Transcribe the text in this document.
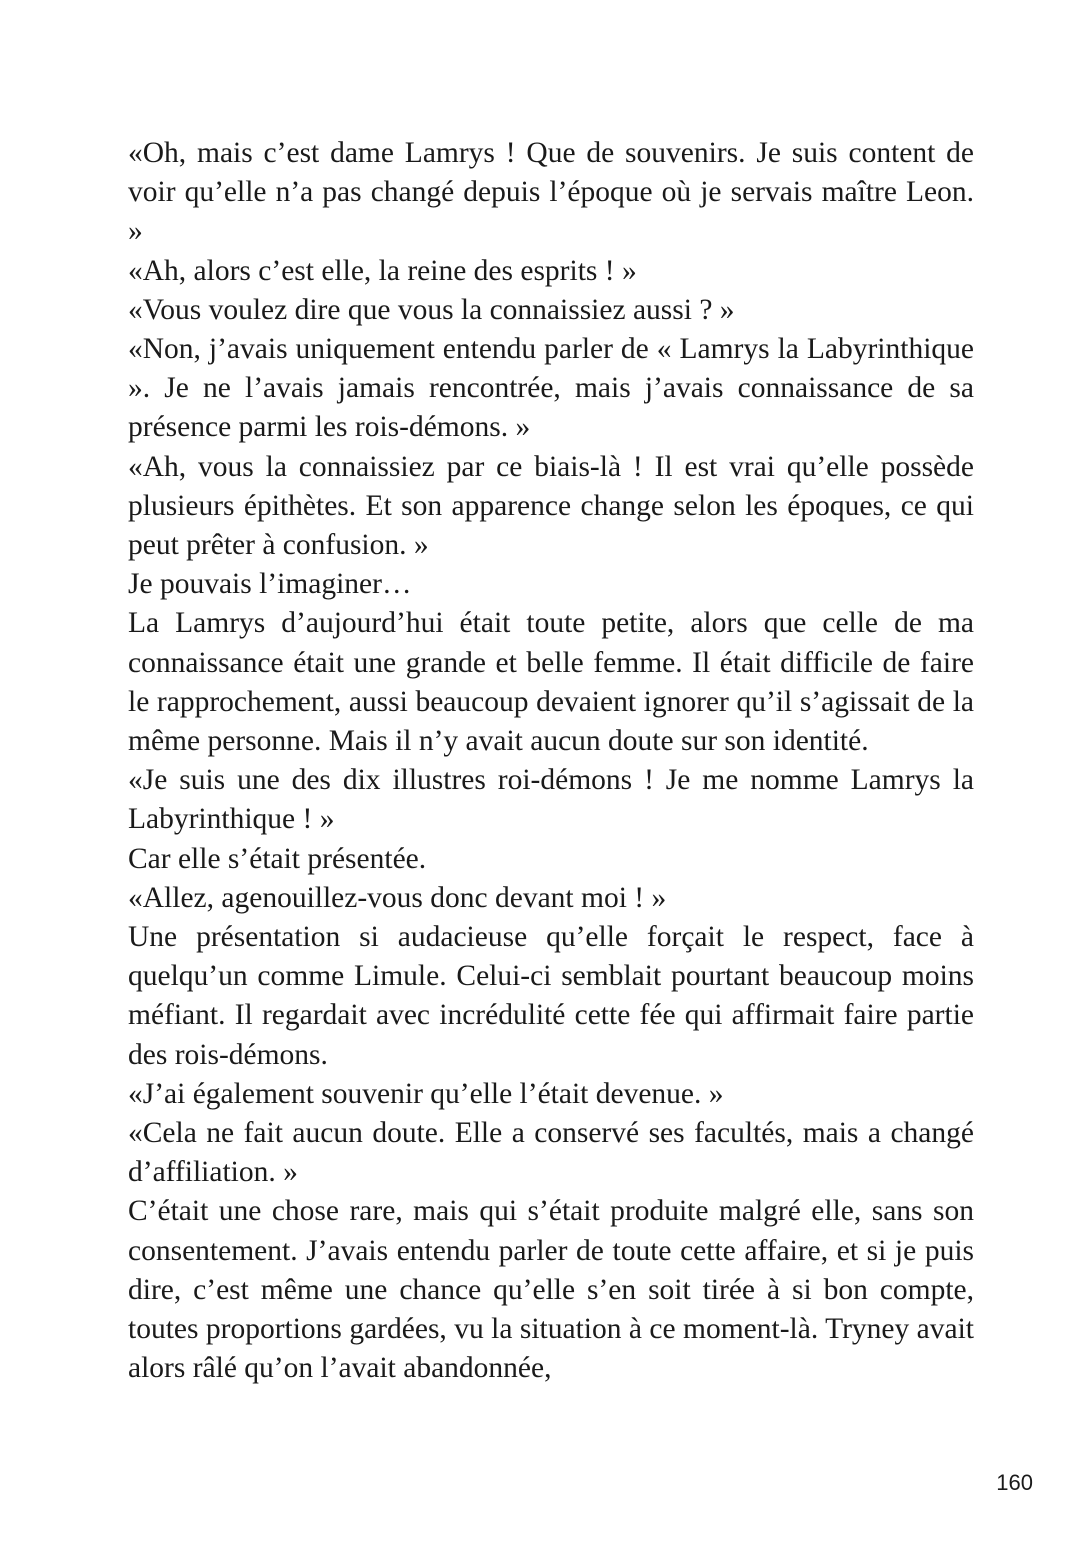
«Oh, mais c’est dame Lamrys ! Que de souvenirs. Je suis content de voir qu’elle n’a pas changé depuis l’époque où je servais maître Leon. »

«Ah, alors c’est elle, la reine des esprits ! »

«Vous voulez dire que vous la connaissiez aussi ? »

«Non, j’avais uniquement entendu parler de « Lamrys la Labyrinthique ». Je ne l’avais jamais rencontrée, mais j’avais connaissance de sa présence parmi les rois-démons. »

«Ah, vous la connaissiez par ce biais-là ! Il est vrai qu’elle possède plusieurs épithètes. Et son apparence change selon les époques, ce qui peut prêter à confusion. »

Je pouvais l’imaginer…

La Lamrys d’aujourd’hui était toute petite, alors que celle de ma connaissance était une grande et belle femme. Il était difficile de faire le rapprochement, aussi beaucoup devaient ignorer qu’il s’agissait de la même personne. Mais il n’y avait aucun doute sur son identité.

«Je suis une des dix illustres roi-démons ! Je me nomme Lamrys la Labyrinthique ! »

Car elle s’était présentée.

«Allez, agenouillez-vous donc devant moi ! »

Une présentation si audacieuse qu’elle forçait le respect, face à quelqu’un comme Limule. Celui-ci semblait pourtant beaucoup moins méfiant. Il regardait avec incrédulité cette fée qui affirmait faire partie des rois-démons.

«J’ai également souvenir qu’elle l’était devenue. »

«Cela ne fait aucun doute. Elle a conservé ses facultés, mais a changé d’affiliation. »

C’était une chose rare, mais qui s’était produite malgré elle, sans son consentement. J’avais entendu parler de toute cette affaire, et si je puis dire, c’est même une chance qu’elle s’en soit tirée à si bon compte, toutes proportions gardées, vu la situation à ce moment-là. Tryney avait alors râlé qu’on l’avait abandonnée,

160
